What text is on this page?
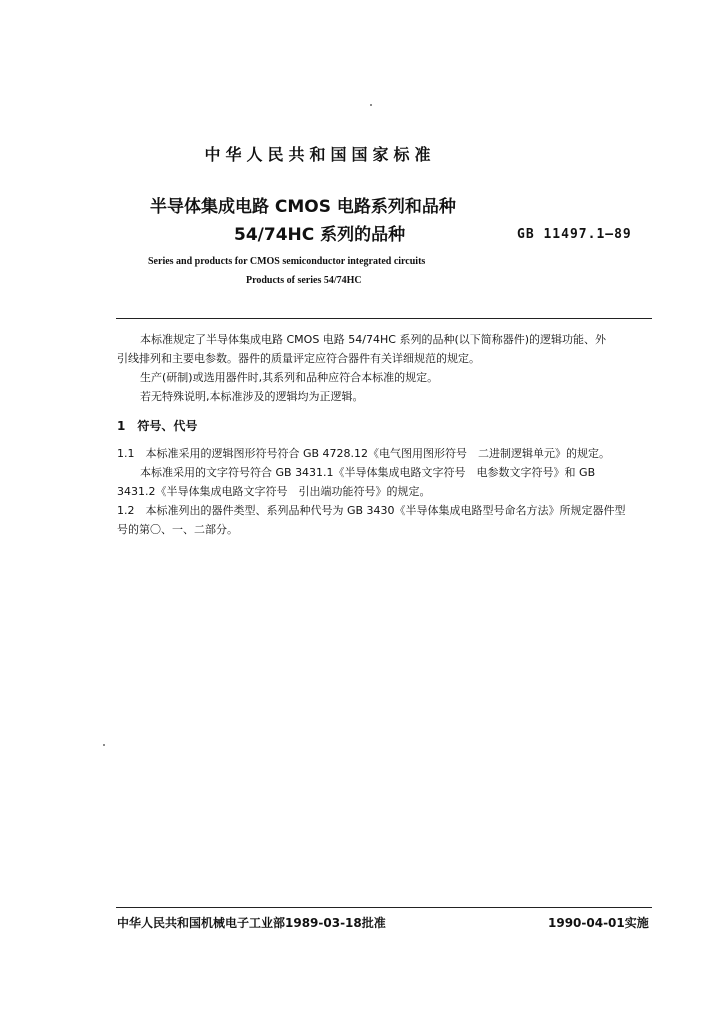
中华人民共和国国家标准
半导体集成电路 CMOS 电路系列和品种
54/74HC 系列的品种	GB 11497.1—89
Series and products for CMOS semiconductor integrated circuits
Products of series 54/74HC
本标准规定了半导体集成电路 CMOS 电路 54/74HC 系列的品种(以下简称器件)的逻辑功能、外
引线排列和主要电参数。器件的质量评定应符合器件有关详细规范的规定。
生产(研制)或选用器件时,其系列和品种应符合本标准的规定。
若无特殊说明,本标准涉及的逻辑均为正逻辑。
1　符号、代号
1.1　本标准采用的逻辑图形符号符合 GB 4728.12《电气图用图形符号　二进制逻辑单元》的规定。
本标准采用的文字符号符合 GB 3431.1《半导体集成电路文字符号　电参数文字符号》和 GB
3431.2《半导体集成电路文字符号　引出端功能符号》的规定。
1.2　本标准列出的器件类型、系列品种代号为 GB 3430《半导体集成电路型号命名方法》所规定器件型
号的第〇、一、二部分。
中华人民共和国机械电子工业部1989-03-18批准	1990-04-01实施
